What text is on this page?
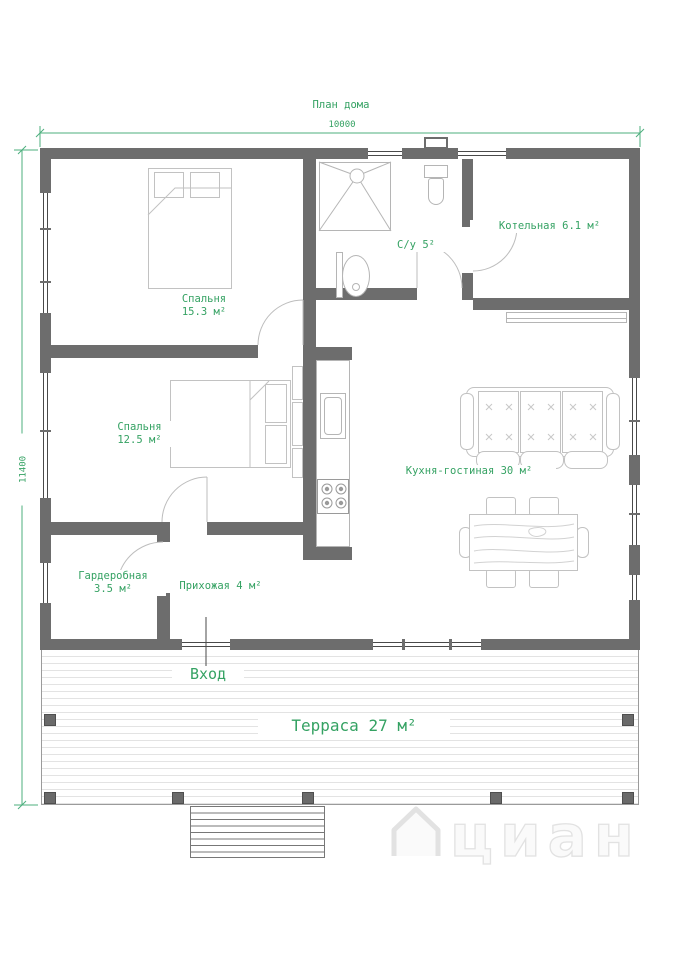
План дома
10000
11400
Спальня
15.3 м²
С/у 5²
Котельная 6.1 м²
Спальня
12.5 м²
Кухня-гостиная 30 м²
Гардеробная
3.5 м²	Прихожая 4 м²
Вход
Терраса 27 м²
циан
